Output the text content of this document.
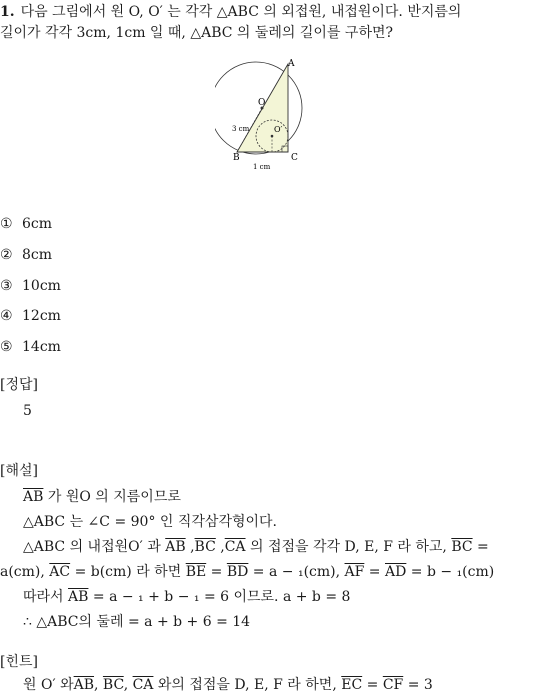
1. 다음 그림에서 원 O, O′ 는 각각 △ABC 의 외접원, 내접원이다. 반지름의
길이가 각각 3cm, 1cm 일 때, △ABC 의 둘레의 길이를 구하면?
A
B	C
O
O′
3 cm
1 cm
① 6cm
② 8cm
③ 10cm
④ 12cm
⑤ 14cm
[정답]
5
[해설]
$\overline{AB}$ 가 원O 의 지름이므로
△ABC 는 ∠C = 90° 인 직각삼각형이다.
△ABC 의 내접원O′ 과 $\overline{AB}$ $,\overline{BC}$ $,\overline{CA}$ 의 접점을 각각 D, E, F 라 하고, $\overline{BC}$ =
a(cm), $\overline{AC} = b(cm)$ 라 하면 $\overline{BE} = \overline{BD} = a - _1(cm)$, $\overline{AF} = \overline{AD} = b - _1(cm)$
따라서 $\overline{AB} = a - _1 + b - _1 = 6$ 이므로. a + b = 8
∴ △ABC의 둘레 = a + b + 6 = 14
[힌트]
원 O′ 와$\overline{AB}$, $\overline{BC}$, $\overline{CA}$ 와의 접점을 D, E, F 라 하면, $\overline{EC} = \overline{CF} = 3$
